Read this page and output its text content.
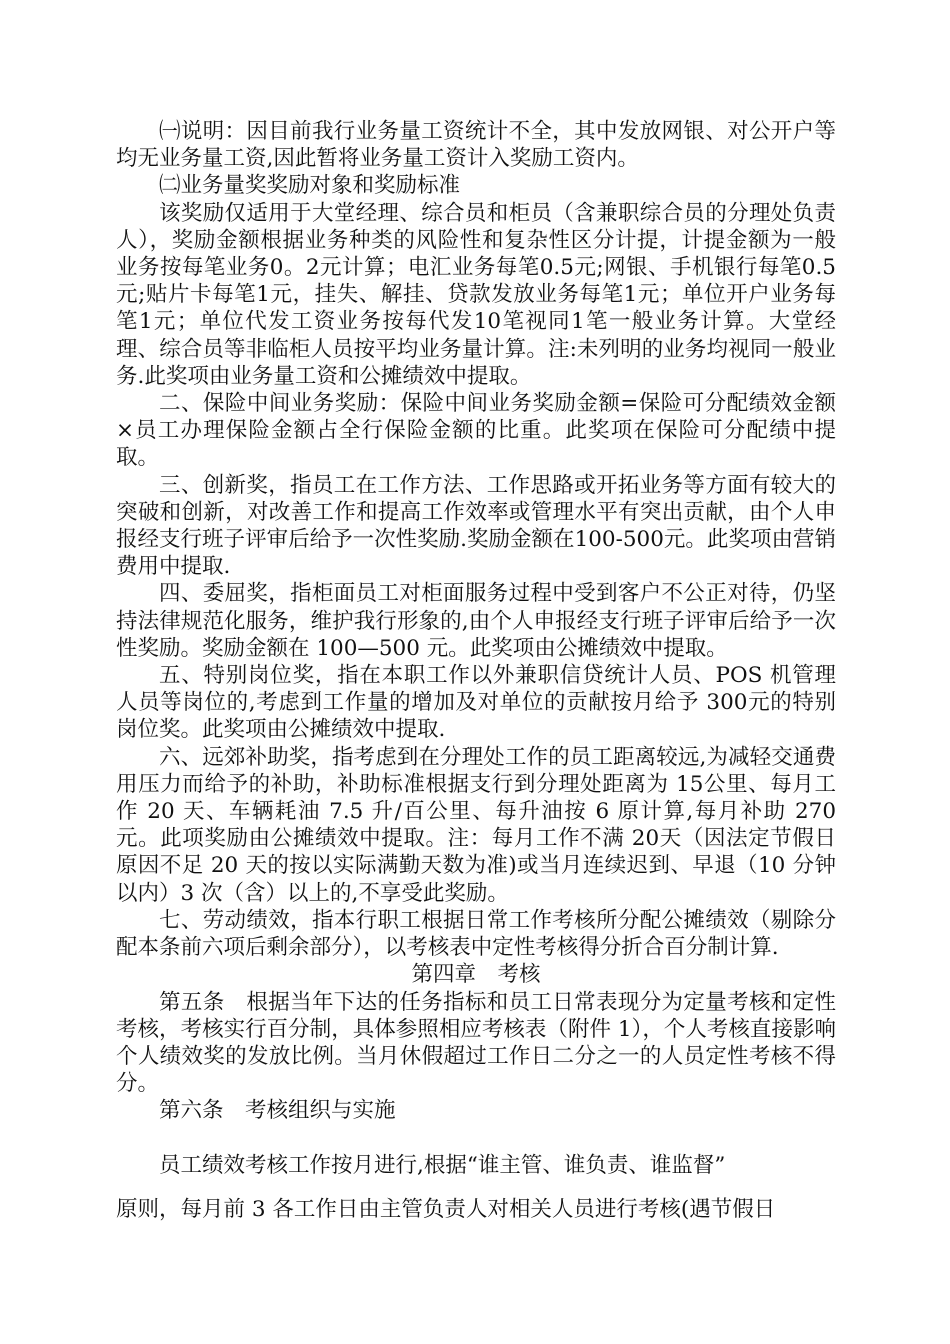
㈠说明：因目前我行业务量工资统计不全，其中发放网银、对公开户等均无业务量工资,因此暂将业务量工资计入奖励工资内。

㈡业务量奖奖励对象和奖励标准

该奖励仅适用于大堂经理、综合员和柜员（含兼职综合员的分理处负责人），奖励金额根据业务种类的风险性和复杂性区分计提，计提金额为一般业务按每笔业务0。2元计算；电汇业务每笔0.5元;网银、手机银行每笔0.5元;贴片卡每笔1元，挂失、解挂、贷款发放业务每笔1元；单位开户业务每笔1元；单位代发工资业务按每代发10笔视同1笔一般业务计算。大堂经理、综合员等非临柜人员按平均业务量计算。注:未列明的业务均视同一般业务.此奖项由业务量工资和公摊绩效中提取。

二、保险中间业务奖励：保险中间业务奖励金额=保险可分配绩效金额×员工办理保险金额占全行保险金额的比重。此奖项在保险可分配绩中提取。

三、创新奖，指员工在工作方法、工作思路或开拓业务等方面有较大的突破和创新，对改善工作和提高工作效率或管理水平有突出贡献，由个人申报经支行班子评审后给予一次性奖励.奖励金额在100-500元。此奖项由营销费用中提取.

四、委屈奖，指柜面员工对柜面服务过程中受到客户不公正对待，仍坚持法律规范化服务，维护我行形象的,由个人申报经支行班子评审后给予一次性奖励。奖励金额在 100—500 元。此奖项由公摊绩效中提取。

五、特别岗位奖，指在本职工作以外兼职信贷统计人员、POS 机管理人员等岗位的,考虑到工作量的增加及对单位的贡献按月给予 300元的特别岗位奖。此奖项由公摊绩效中提取.

六、远郊补助奖，指考虑到在分理处工作的员工距离较远,为减轻交通费用压力而给予的补助，补助标准根据支行到分理处距离为 15公里、每月工作 20 天、车辆耗油 7.5 升/百公里、每升油按 6 原计算,每月补助 270 元。此项奖励由公摊绩效中提取。注：每月工作不满 20天（因法定节假日原因不足 20 天的按以实际满勤天数为准)或当月连续迟到、早退（10 分钟以内）3 次（含）以上的,不享受此奖励。

七、劳动绩效，指本行职工根据日常工作考核所分配公摊绩效（剔除分配本条前六项后剩余部分），以考核表中定性考核得分折合百分制计算.

第四章　考核

第五条　根据当年下达的任务指标和员工日常表现分为定量考核和定性考核，考核实行百分制，具体参照相应考核表（附件 1），个人考核直接影响个人绩效奖的发放比例。当月休假超过工作日二分之一的人员定性考核不得分。

第六条　考核组织与实施

员工绩效考核工作按月进行,根据“谁主管、谁负责、谁监督”

原则，每月前 3 各工作日由主管负责人对相关人员进行考核(遇节假日
